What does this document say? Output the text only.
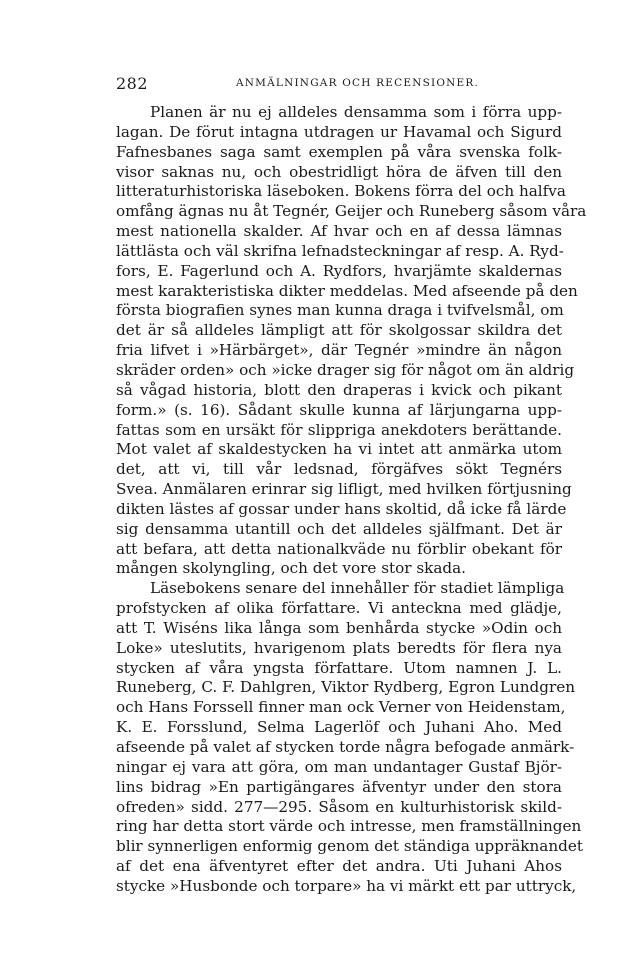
282	ANMÄLNINGAR OCH RECENSIONER.
Planen är nu ej alldeles densamma som i förra upp-
lagan. De förut intagna utdragen ur Havamal och Sigurd
Fafnesbanes saga samt exemplen på våra svenska folk-
visor saknas nu, och obestridligt höra de äfven till den
litteraturhistoriska läseboken. Bokens förra del och halfva
omfång ägnas nu åt Tegnér, Geijer och Runeberg såsom våra
mest nationella skalder. Af hvar och en af dessa lämnas
lättlästa och väl skrifna lefnadsteckningar af resp. A. Ryd-
fors, E. Fagerlund och A. Rydfors, hvarjämte skaldernas
mest karakteristiska dikter meddelas. Med afseende på den
första biografien synes man kunna draga i tvifvelsmål, om
det är så alldeles lämpligt att för skolgossar skildra det
fria lifvet i »Härbärget», där Tegnér »mindre än någon
skräder orden» och »icke drager sig för något om än aldrig
så vågad historia, blott den draperas i kvick och pikant
form.» (s. 16). Sådant skulle kunna af lärjungarna upp-
fattas som en ursäkt för slippriga anekdoters berättande.
Mot valet af skaldestycken ha vi intet att anmärka utom
det, att vi, till vår ledsnad, förgäfves sökt Tegnérs
Svea. Anmälaren erinrar sig lifligt, med hvilken förtjusning
dikten lästes af gossar under hans skoltid, då icke få lärde
sig densamma utantill och det alldeles själfmant. Det är
att befara, att detta nationalkväde nu förblir obekant för
mången skolyngling, och det vore stor skada.
Läsebokens senare del innehåller för stadiet lämpliga
profstycken af olika författare. Vi anteckna med glädje,
att T. Wiséns lika långa som benhårda stycke »Odin och
Loke» uteslutits, hvarigenom plats beredts för flera nya
stycken af våra yngsta författare. Utom namnen J. L.
Runeberg, C. F. Dahlgren, Viktor Rydberg, Egron Lundgren
och Hans Forssell finner man ock Verner von Heidenstam,
K. E. Forsslund, Selma Lagerlöf och Juhani Aho. Med
afseende på valet af stycken torde några befogade anmärk-
ningar ej vara att göra, om man undantager Gustaf Björ-
lins bidrag »En partigängares äfventyr under den stora
ofreden» sidd. 277—295. Såsom en kulturhistorisk skild-
ring har detta stort värde och intresse, men framställningen
blir synnerligen enformig genom det ständiga uppräknandet
af det ena äfventyret efter det andra. Uti Juhani Ahos
stycke »Husbonde och torpare» ha vi märkt ett par uttryck,
